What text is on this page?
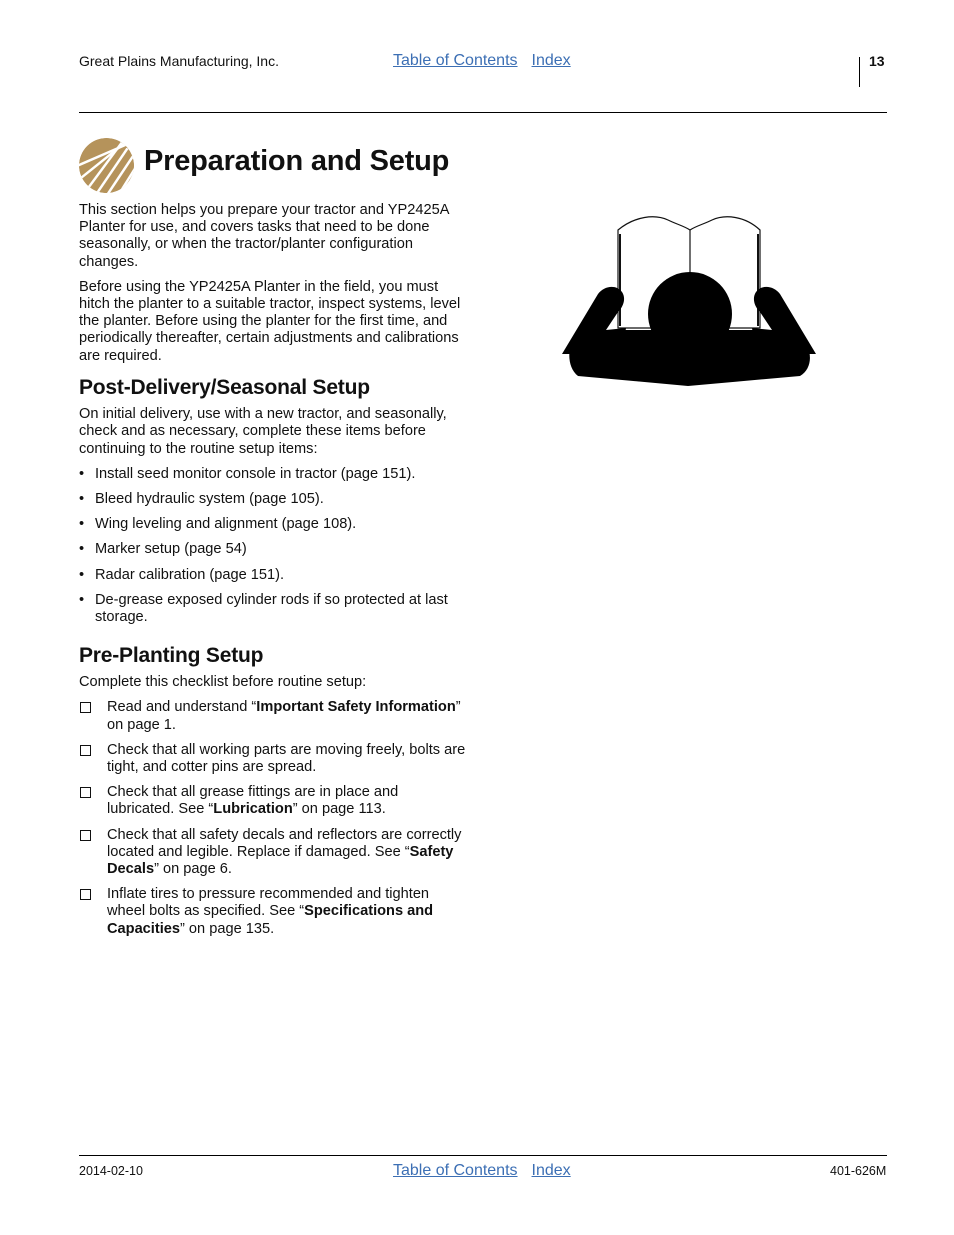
Great Plains Manufacturing, Inc.	Table of Contents Index	13
Preparation and Setup

This section helps you prepare your tractor and YP2425A Planter for use, and covers tasks that need to be done seasonally, or when the tractor/planter configuration changes.

Before using the YP2425A Planter in the field, you must hitch the planter to a suitable tractor, inspect systems, level the planter. Before using the planter for the first time, and periodically thereafter, certain adjustments and calibrations are required.

Post-Delivery/Seasonal Setup

On initial delivery, use with a new tractor, and seasonally, check and as necessary, complete these items before continuing to the routine setup items:

• Install seed monitor console in tractor (page 151).
• Bleed hydraulic system (page 105).
• Wing leveling and alignment (page 108).
• Marker setup (page 54)
• Radar calibration (page 151).
• De-grease exposed cylinder rods if so protected at last storage.
Pre-Planting Setup

Complete this checklist before routine setup:

Read and understand “Important Safety Information” on page 1.
Check that all working parts are moving freely, bolts are tight, and cotter pins are spread.
Check that all grease fittings are in place and lubricated. See “Lubrication” on page 113.
Check that all safety decals and reflectors are correctly located and legible. Replace if damaged. See “Safety Decals” on page 6.
Inflate tires to pressure recommended and tighten wheel bolts as specified. See “Specifications and Capacities” on page 135.
2014-02-10	Table of Contents Index	401-626M
